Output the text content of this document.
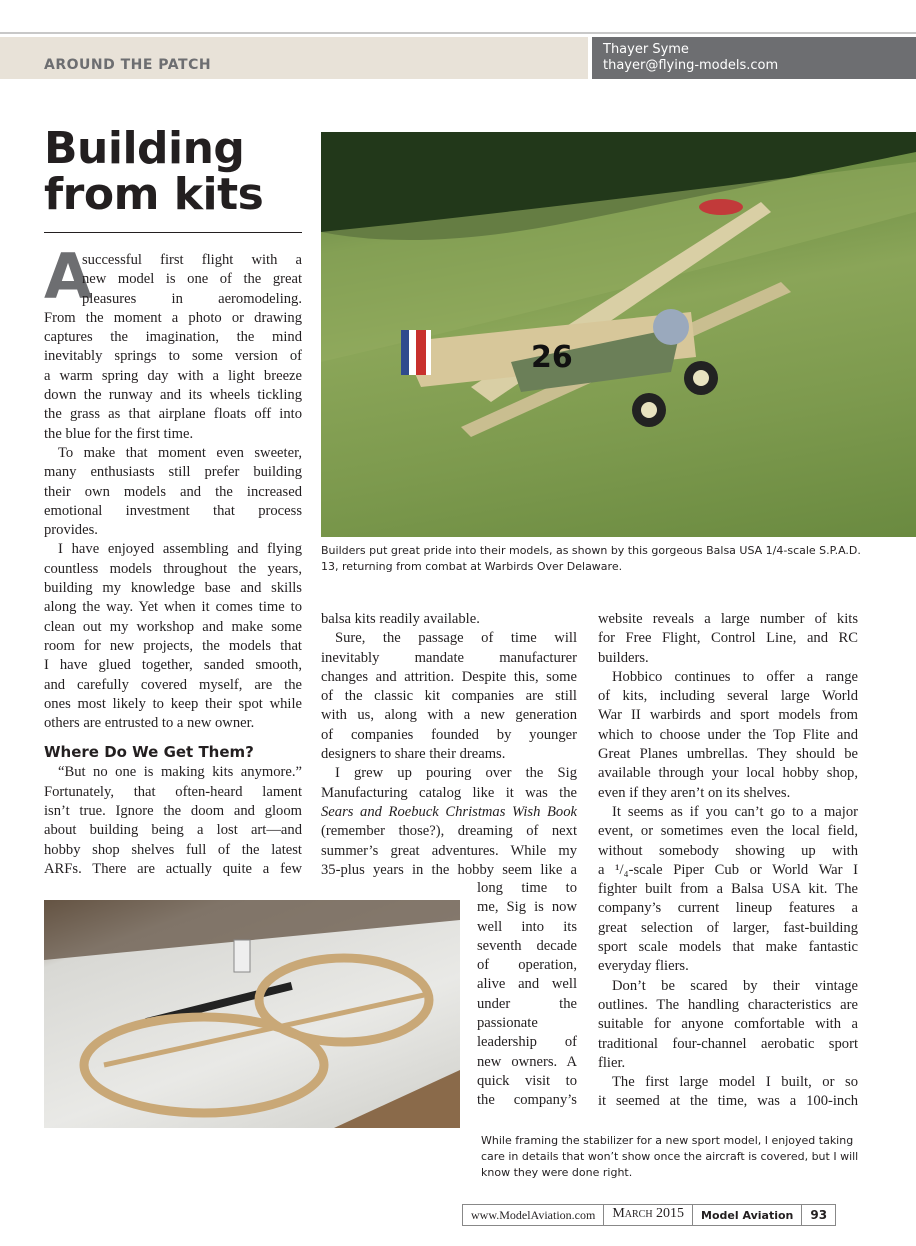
AROUND THE PATCH
Thayer Syme
thayer@flying-models.com
Building
from kits
A
successful first flight with a
new model is one of the great
pleasures in aeromodeling.
From the moment a photo or drawing
captures the imagination, the mind
inevitably springs to some version of
a warm spring day with a light breeze
down the runway and its wheels tickling
the grass as that airplane floats off into
the blue for the first time.
To make that moment even sweeter,
many enthusiasts still prefer building
their own models and the increased
emotional investment that process
provides.
I have enjoyed assembling and flying
countless models throughout the years,
building my knowledge base and skills
along the way. Yet when it comes time to
clean out my workshop and make some
room for new projects, the models that
I have glued together, sanded smooth,
and carefully covered myself, are the
ones most likely to keep their spot while
others are entrusted to a new owner.
Where Do We Get Them?
“But no one is making kits anymore.”
Fortunately, that often-heard lament
isn’t true. Ignore the doom and gloom
about building being a lost art—and
hobby shop shelves full of the latest
ARFs. There are actually quite a few
balsa kits readily available.
Sure, the passage of time will
inevitably mandate manufacturer
changes and attrition. Despite this, some
of the classic kit companies are still
with us, along with a new generation
of companies founded by younger
designers to share their dreams.
I grew up pouring over the Sig
Manufacturing catalog like it was the
Sears and Roebuck Christmas Wish Book
(remember those?), dreaming of next
summer’s great adventures. While my
35-plus years in the hobby seem like a
long time to
me, Sig is now
well into its
seventh decade
of operation,
alive and well
under the
passionate
leadership of
new owners. A
quick visit to
the company’s
website reveals a large number of kits
for Free Flight, Control Line, and RC
builders.
Hobbico continues to offer a range
of kits, including several large World
War II warbirds and sport models from
which to choose under the Top Flite and
Great Planes umbrellas. They should be
available through your local hobby shop,
even if they aren’t on its shelves.
It seems as if you can’t go to a major
event, or sometimes even the local field,
without somebody showing up with
a ¹/₄-scale Piper Cub or World War I
fighter built from a Balsa USA kit. The
company’s current lineup features a
great selection of larger, fast-building
sport scale models that make fantastic
everyday fliers.
Don’t be scared by their vintage
outlines. The handling characteristics are
suitable for anyone comfortable with a
traditional four-channel aerobatic sport
flier.
The first large model I built, or so
it seemed at the time, was a 100-inch
26
Builders put great pride into their models, as shown by this gorgeous Balsa USA 1/4-scale S.P.A.D.
13, returning from combat at Warbirds Over Delaware.
While framing the stabilizer for a new sport model, I enjoyed taking
care in details that won’t show once the aircraft is covered, but I will
know they were done right.
www.ModelAviation.com	March 2015	Model Aviation	93
